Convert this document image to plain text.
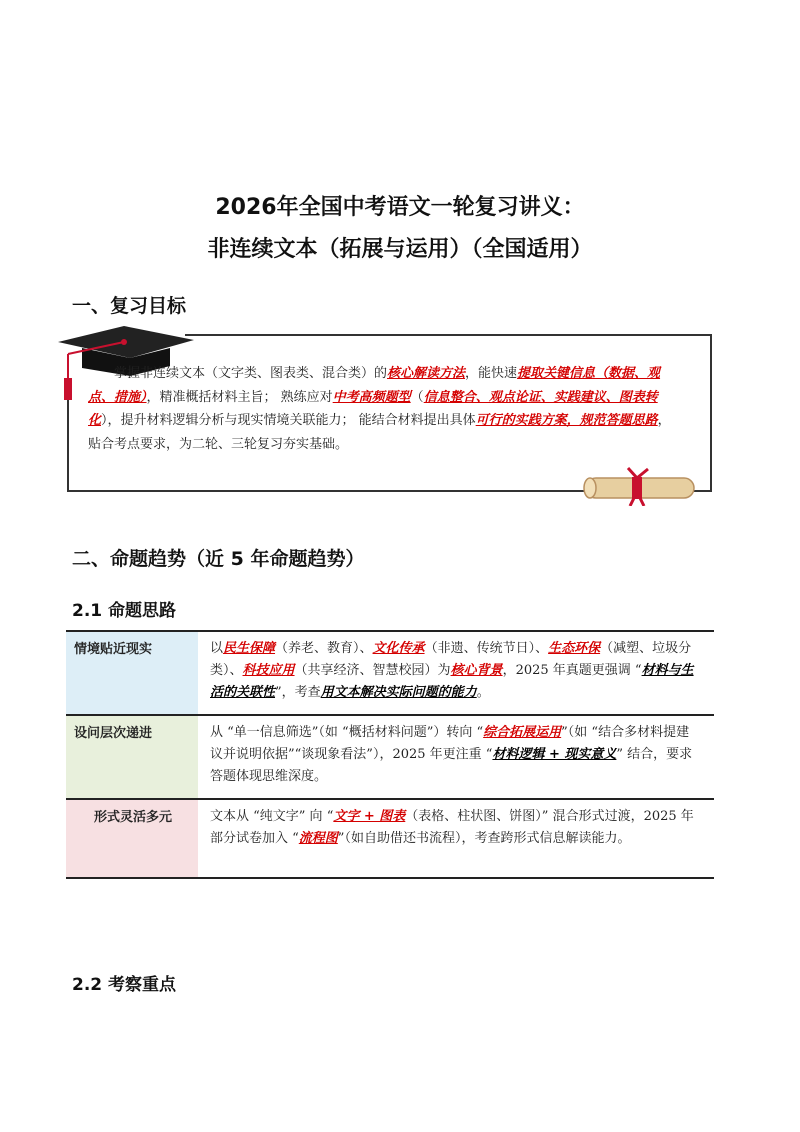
2026年全国中考语文一轮复习讲义：
非连续文本（拓展与运用）（全国适用）
一、复习目标
掌握非连续文本（文字类、图表类、混合类）的核心解读方法，能快速提取关键信息（数据、观点、措施），精准概括材料主旨； 熟练应对中考高频题型（信息整合、观点论证、实践建议、图表转化），提升材料逻辑分析与现实情境关联能力； 能结合材料提出具体可行的实践方案，规范答题思路，贴合考点要求，为二轮、三轮复习夯实基础。
二、命题趋势（近 5 年命题趋势）
2.1 命题思路
情境贴近现实	以民生保障（养老、教育）、文化传承（非遗、传统节日）、生态环保（减塑、垃圾分类）、科技应用（共享经济、智慧校园）为核心背景，2025 年真题更强调 “材料与生活的关联性”，考查用文本解决实际问题的能力。
设问层次递进	从 “单一信息筛选”（如 “概括材料问题”）转向 “综合拓展运用”（如 “结合多材料提建议并说明依据”“谈现象看法”），2025 年更注重 “材料逻辑 + 现实意义” 结合，要求答题体现思维深度。
形式灵活多元	文本从 “纯文字” 向 “文字 + 图表（表格、柱状图、饼图）” 混合形式过渡，2025 年部分试卷加入 “流程图”（如自助借还书流程），考查跨形式信息解读能力。
2.2 考察重点
